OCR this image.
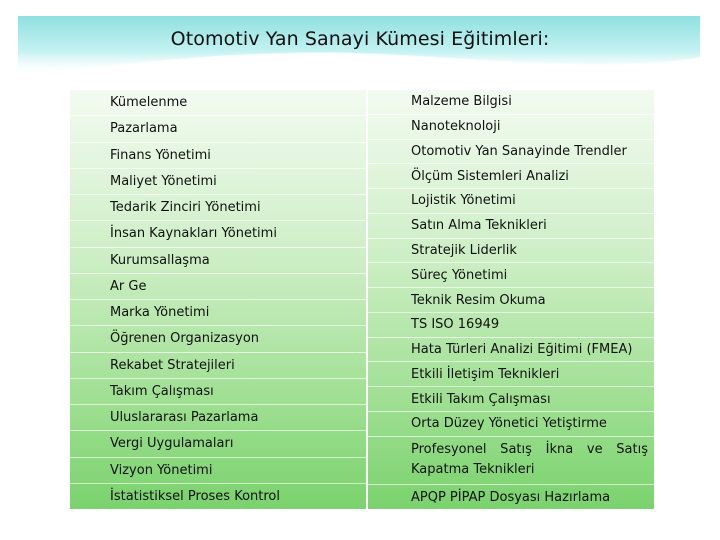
Otomotiv Yan Sanayi Kümesi Eğitimleri:
Kümelenme
Pazarlama
Finans Yönetimi
Maliyet Yönetimi
Tedarik Zinciri Yönetimi
İnsan Kaynakları Yönetimi
Kurumsallaşma
Ar Ge
Marka Yönetimi
Öğrenen Organizasyon
Rekabet Stratejileri
Takım Çalışması
Uluslararası Pazarlama
Vergi Uygulamaları
Vizyon Yönetimi
İstatistiksel Proses Kontrol
Malzeme Bilgisi
Nanoteknoloji
Otomotiv Yan Sanayinde Trendler
Ölçüm Sistemleri Analizi
Lojistik Yönetimi
Satın Alma Teknikleri
Stratejik Liderlik
Süreç Yönetimi
Teknik Resim Okuma
TS ISO 16949
Hata Türleri Analizi Eğitimi (FMEA)
Etkili İletişim Teknikleri
Etkili Takım Çalışması
Orta Düzey Yönetici Yetiştirme
Profesyonel Satış İkna ve Satış Kapatma Teknikleri
APQP PİPAP Dosyası Hazırlama
